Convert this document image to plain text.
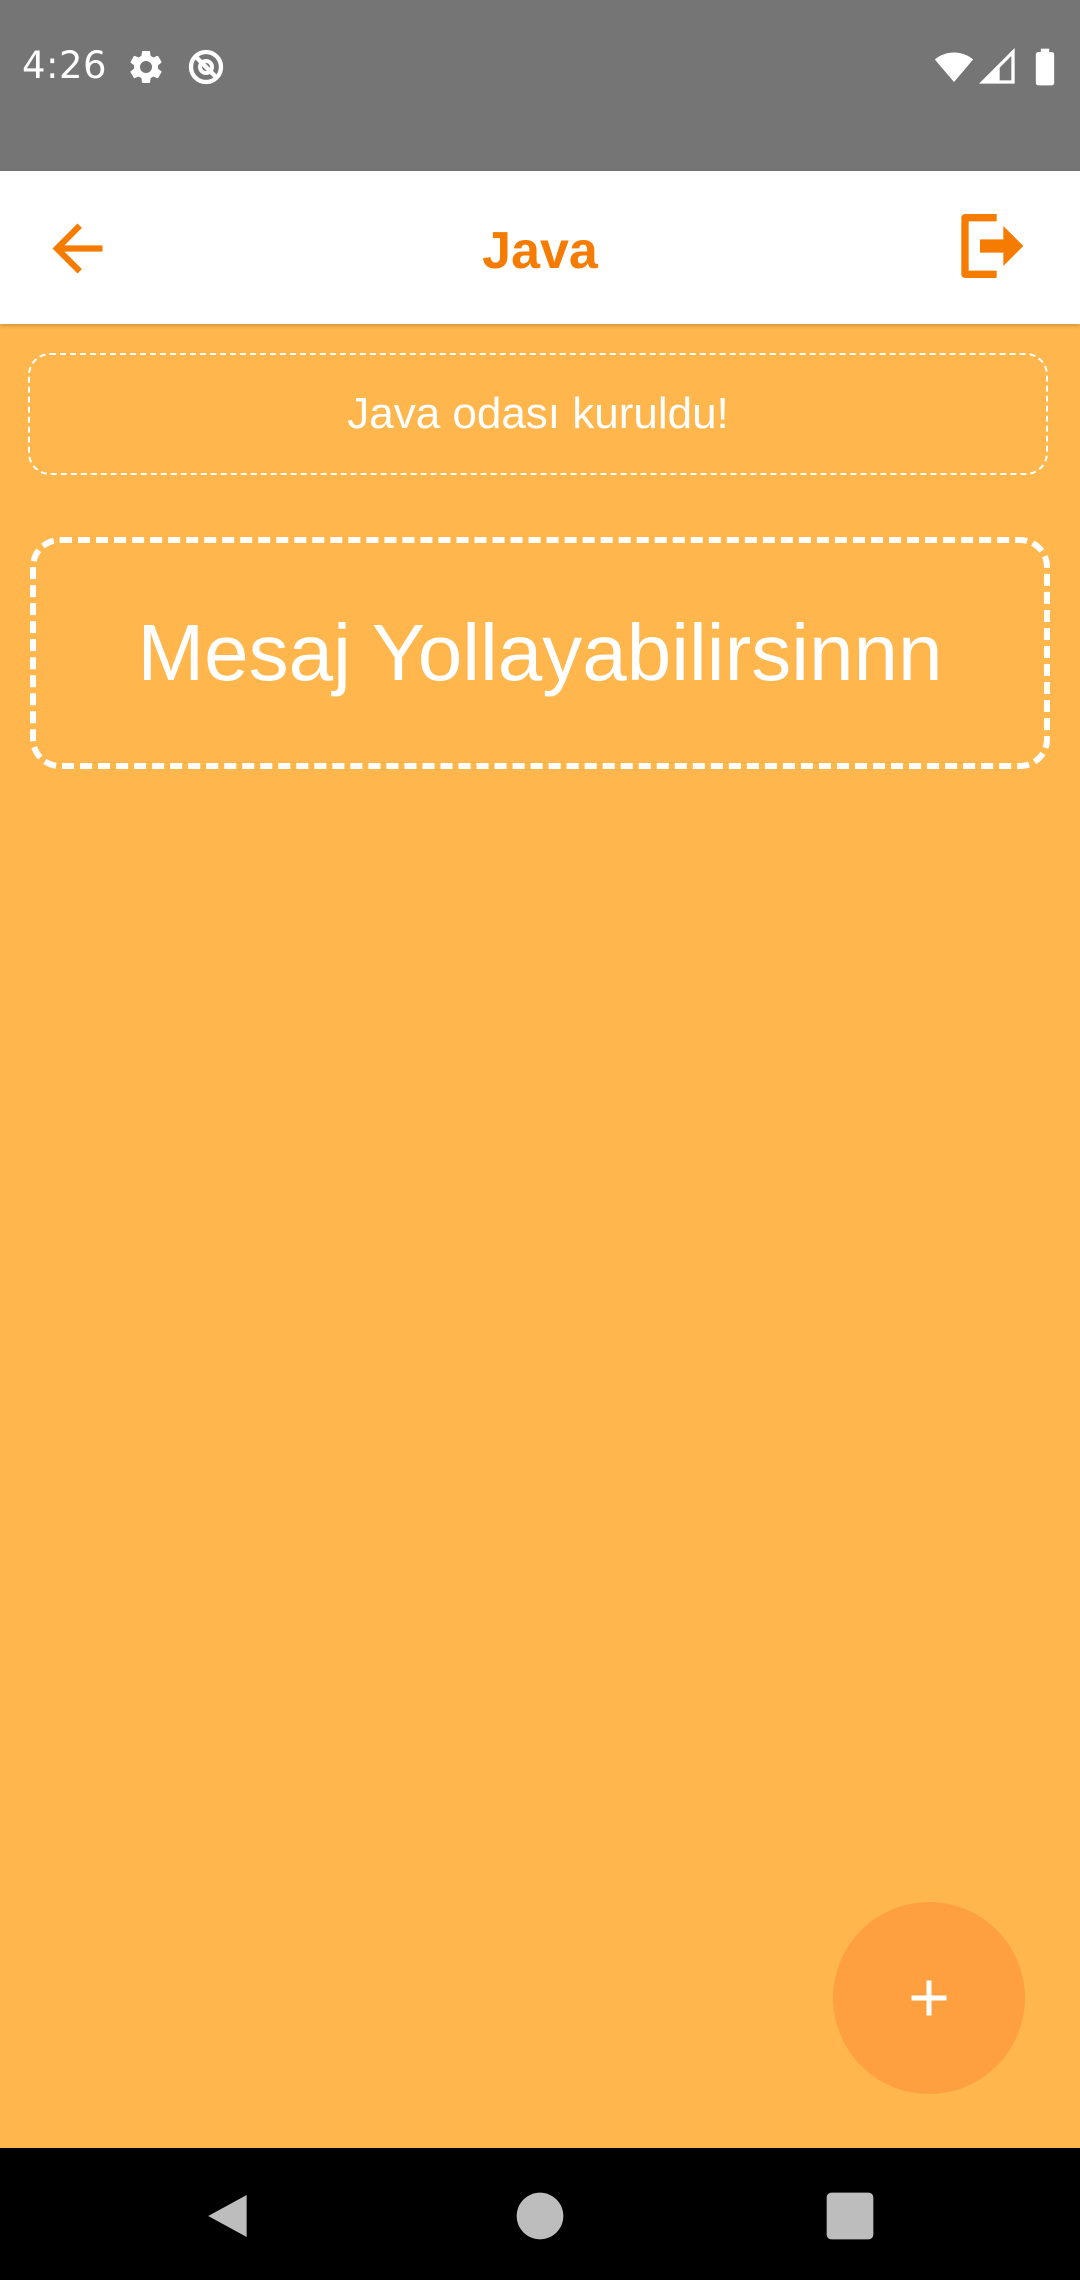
4:26
Java
Java odası kuruldu!
Mesaj Yollayabilirsinnn
